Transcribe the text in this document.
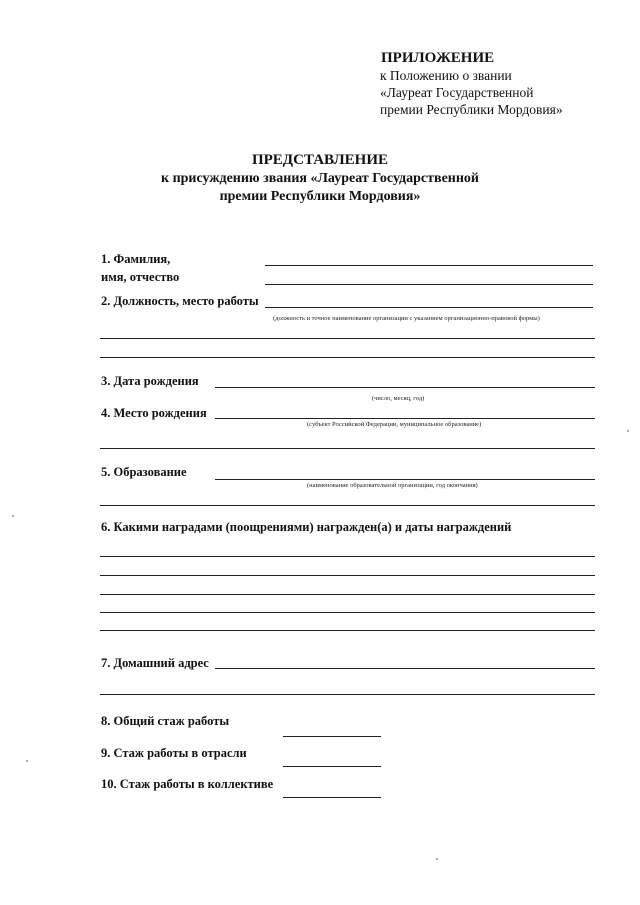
ПРИЛОЖЕНИЕ
к Положению о звании
«Лауреат Государственной
премии Республики Мордовия»
ПРЕДСТАВЛЕНИЕ
к присуждению звания «Лауреат Государственной
премии Республики Мордовия»
1. Фамилия,
имя, отчество
2. Должность, место работы
(должность и точное наименование организации с указанием организационно-правовой формы)
3. Дата рождения
(число, месяц, год)
4. Место рождения
(субъект Российской Федерации, муниципальное образование)
5. Образование
(наименование образовательной организации, год окончания)
6. Какими наградами (поощрениями) награжден(а) и даты награждений
7. Домашний адрес
8. Общий стаж работы
9. Стаж работы в отрасли
10. Стаж работы в коллективе
